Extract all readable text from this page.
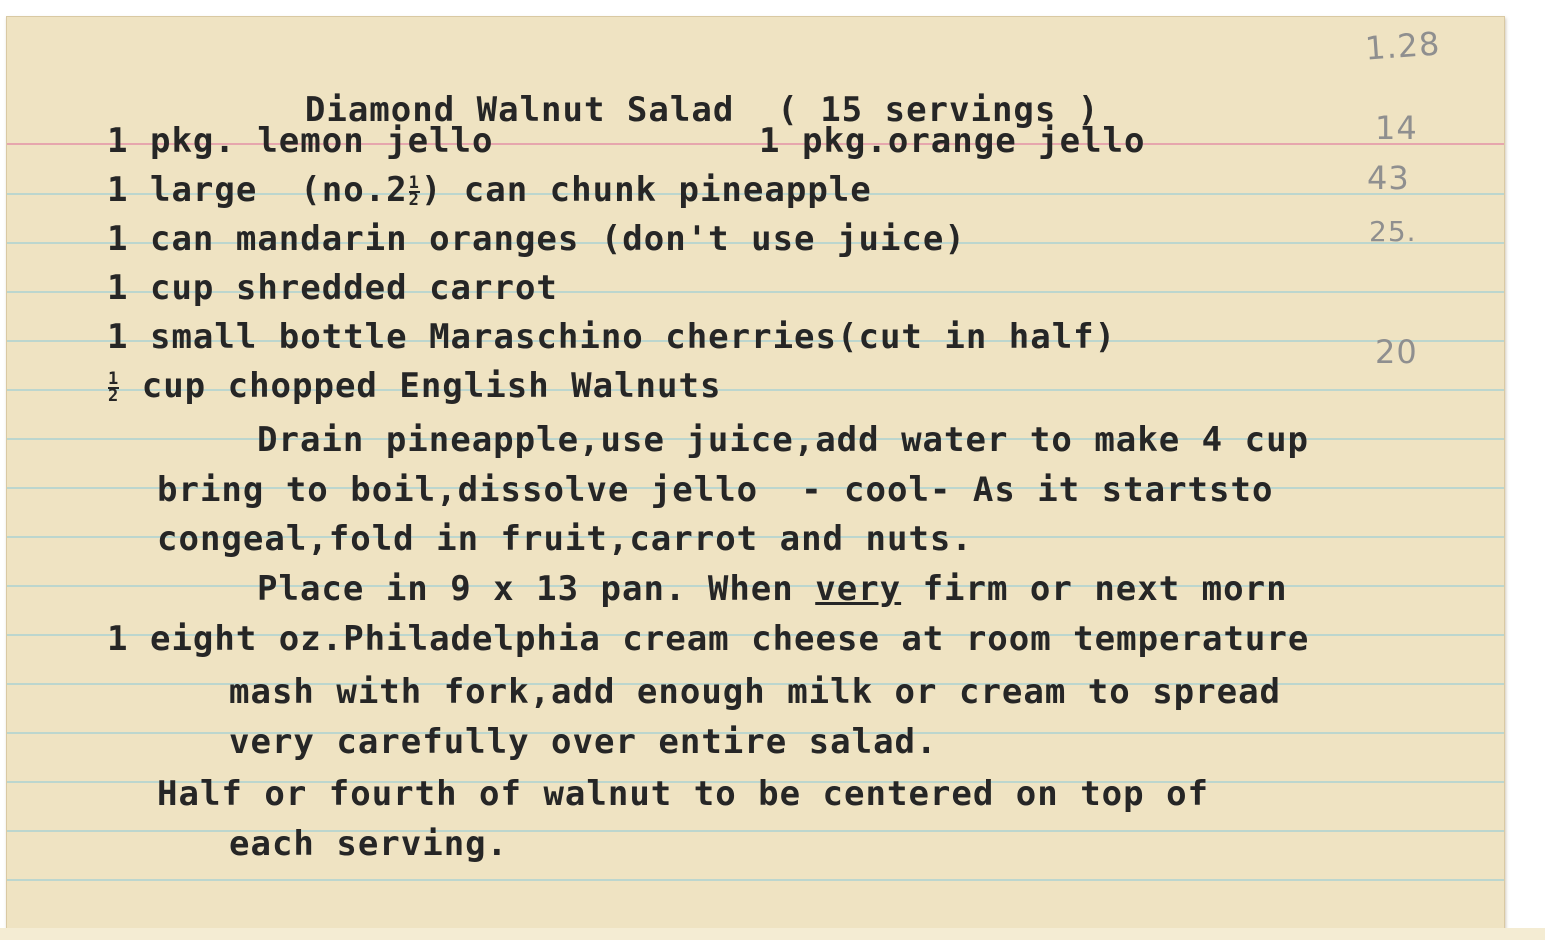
Diamond Walnut Salad ( 15 servings )

1 pkg. lemon jello	1 pkg.orange jello
1 large  ($no.2 \frac{1}{2}$ ) can chunk pineapple
1 can mandarin oranges (don't use juice)
1 cup shredded carrot
1 small bottle Maraschino cherries(cut in half)
$\frac{1}{2}$ cup chopped English Walnuts
Drain pineapple,use juice,add water to make 4 cup
bring to boil,dissolve jello  - cool- As it startsto
congeal,fold in fruit,carrot and nuts.
Place in 9 x 13 pan. When very firm or next morn
1 eight oz.Philadelphia cream cheese at room temperature
mash with fork,add enough milk or cream to spread
very carefully over entire salad.
Half or fourth of walnut to be centered on top of
each serving.
1.28
14
43
25.
20
